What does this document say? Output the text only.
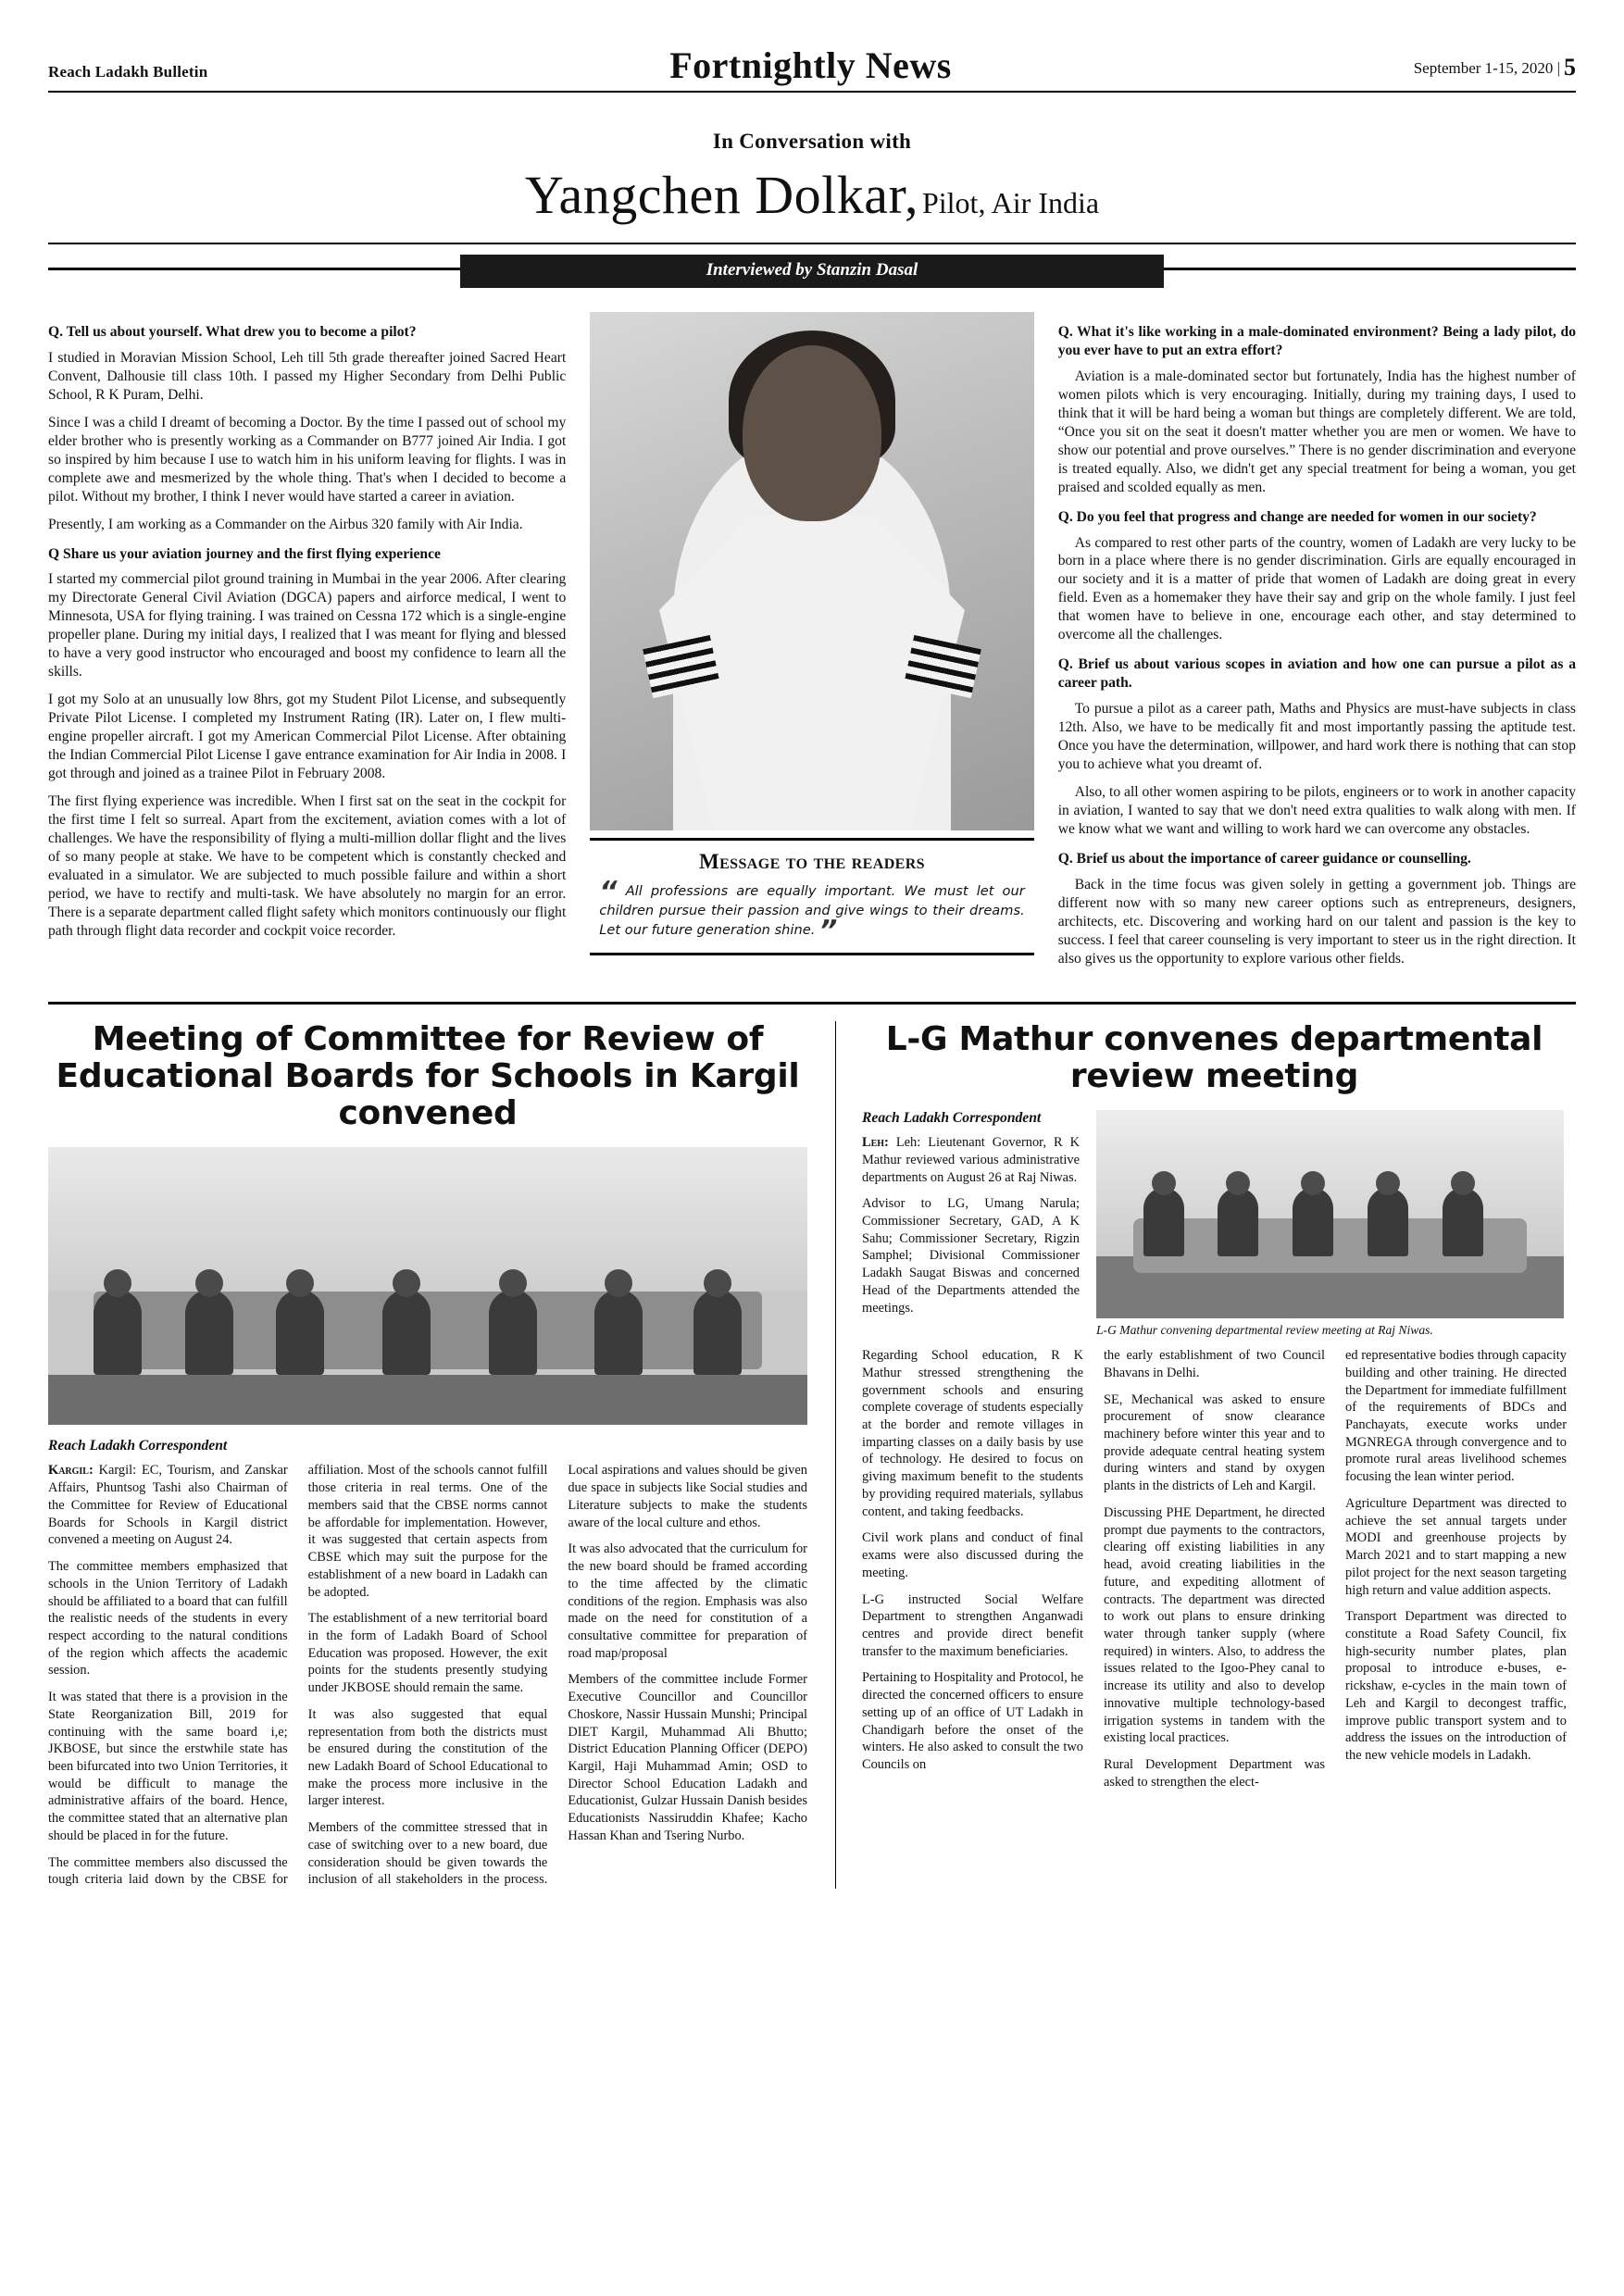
Reach Ladakh Bulletin	Fortnightly News	September 1-15, 2020 | 5
In Conversation with
Yangchen Dolkar, Pilot, Air India
Interviewed by Stanzin Dasal

Q. Tell us about yourself. What drew you to become a pilot?

I studied in Moravian Mission School, Leh till 5th grade thereafter joined Sacred Heart Convent, Dalhousie till class 10th. I passed my Higher Secondary from Delhi Public School, R K Puram, Delhi.

Since I was a child I dreamt of becoming a Doctor. By the time I passed out of school my elder brother who is presently working as a Commander on B777 joined Air India. I got so inspired by him because I use to watch him in his uniform leaving for flights. I was in complete awe and mesmerized by the whole thing. That's when I decided to become a pilot. Without my brother, I think I never would have started a career in aviation.

Presently, I am working as a Commander on the Airbus 320 family with Air India.

Q Share us your aviation journey and the first flying experience

I started my commercial pilot ground training in Mumbai in the year 2006. After clearing my Directorate General Civil Aviation (DGCA) papers and airforce medical, I went to Minnesota, USA for flying training. I was trained on Cessna 172 which is a single-engine propeller plane. During my initial days, I realized that I was meant for flying and blessed to have a very good instructor who encouraged and boost my confidence to learn all the skills.

I got my Solo at an unusually low 8hrs, got my Student Pilot License, and subsequently Private Pilot License. I completed my Instrument Rating (IR). Later on, I flew multi-engine propeller aircraft. I got my American Commercial Pilot License. After obtaining the Indian Commercial Pilot License I gave entrance examination for Air India in 2008. I got through and joined as a trainee Pilot in February 2008.

The first flying experience was incredible. When I first sat on the seat in the cockpit for the first time I felt so surreal. Apart from the excitement, aviation comes with a lot of challenges. We have the responsibility of flying a multi-million dollar flight and the lives of so many people at stake. We have to be competent which is constantly checked and evaluated in a simulator. We are subjected to much possible failure and within a short period, we have to rectify and multi-task. We have absolutely no margin for an error. There is a separate department called flight safety which monitors continuously our flight path through flight data recorder and cockpit voice recorder.

Message to the readers
“ All professions are equally important. We must let our children pursue their passion and give wings to their dreams. Let our future generation shine. ”

Q. What it's like working in a male-dominated environment? Being a lady pilot, do you ever have to put an extra effort?

Aviation is a male-dominated sector but fortunately, India has the highest number of women pilots which is very encouraging. Initially, during my training days, I used to think that it will be hard being a woman but things are completely different. We are told, “Once you sit on the seat it doesn't matter whether you are men or women. We have to show our potential and prove ourselves.” There is no gender discrimination and everyone is treated equally. Also, we didn't get any special treatment for being a woman, you get praised and scolded equally as men.

Q. Do you feel that progress and change are needed for women in our society?

As compared to rest other parts of the country, women of Ladakh are very lucky to be born in a place where there is no gender discrimination. Girls are equally encouraged in our society and it is a matter of pride that women of Ladakh are doing great in every field. Even as a homemaker they have their say and grip on the whole family. I just feel that women have to believe in one, encourage each other, and stay determined to overcome all the challenges.

Q. Brief us about various scopes in aviation and how one can pursue a pilot as a career path.

To pursue a pilot as a career path, Maths and Physics are must-have subjects in class 12th. Also, we have to be medically fit and most importantly passing the aptitude test. Once you have the determination, willpower, and hard work there is nothing that can stop you to achieve what you dreamt of.

Also, to all other women aspiring to be pilots, engineers or to work in another capacity in aviation, I wanted to say that we don't need extra qualities to walk along with men. If we know what we want and willing to work hard we can overcome any obstacles.

Q. Brief us about the importance of career guidance or counselling.

Back in the time focus was given solely in getting a government job. Things are different now with so many new career options such as entrepreneurs, designers, architects, etc. Discovering and working hard on our talent and passion is the key to success. I feel that career counseling is very important to steer us in the right direction. It also gives us the opportunity to explore various other fields.

Meeting of Committee for Review of Educational Boards for Schools in Kargil convened
Reach Ladakh Correspondent

Kargil: Kargil: EC, Tourism, and Zanskar Affairs, Phuntsog Tashi also Chairman of the Committee for Review of Educational Boards for Schools in Kargil district convened a meeting on August 24.

The committee members emphasized that schools in the Union Territory of Ladakh should be affiliated to a board that can fulfill the realistic needs of the students in every respect according to the natural conditions of the region which affects the academic session.

It was stated that there is a provision in the State Reorganization Bill, 2019 for continuing with the same board i,e; JKBOSE, but since the erstwhile state has been bifurcated into two Union Territories, it would be difficult to manage the administrative affairs of the board. Hence, the committee stated that an alternative plan should be placed in for the future.

The committee members also discussed the tough criteria laid down by the CBSE for affiliation. Most of the schools cannot fulfill those criteria in real terms. One of the members said that the CBSE norms cannot be affordable for implementation. However, it was suggested that certain aspects from CBSE which may suit the purpose for the establishment of a new board in Ladakh can be adopted.

The establishment of a new territorial board in the form of Ladakh Board of School Education was proposed. However, the exit points for the students presently studying under JKBOSE should remain the same.

It was also suggested that equal representation from both the districts must be ensured during the constitution of the new Ladakh Board of School Educational to make the process more inclusive in the larger interest.

Members of the committee stressed that in case of switching over to a new board, due consideration should be given towards the inclusion of all stakeholders in the process. Local aspirations and values should be given due space in subjects like Social studies and Literature subjects to make the students aware of the local culture and ethos.

It was also advocated that the curriculum for the new board should be framed according to the time affected by the climatic conditions of the region. Emphasis was also made on the need for constitution of a consultative committee for preparation of road map/proposal

Members of the committee include Former Executive Councillor and Councillor Choskore, Nassir Hussain Munshi; Principal DIET Kargil, Muhammad Ali Bhutto; District Education Planning Officer (DEPO) Kargil, Haji Muhammad Amin; OSD to Director School Education Ladakh and Educationist, Gulzar Hussain Danish besides Educationists Nassiruddin Khafee; Kacho Hassan Khan and Tsering Nurbo.

L-G Mathur convenes departmental review meeting
Reach Ladakh Correspondent

Leh: Leh: Lieutenant Governor, R K Mathur reviewed various administrative departments on August 26 at Raj Niwas.

Advisor to LG, Umang Narula; Commissioner Secretary, GAD, A K Sahu; Commissioner Secretary, Rigzin Samphel; Divisional Commissioner Ladakh Saugat Biswas and concerned Head of the Departments attended the meetings.

L-G Mathur convening departmental review meeting at Raj Niwas.

Regarding School education, R K Mathur stressed strengthening the government schools and ensuring complete coverage of students especially at the border and remote villages in imparting classes on a daily basis by use of technology. He desired to focus on giving maximum benefit to the students by providing required materials, syllabus content, and taking feedbacks.

Civil work plans and conduct of final exams were also discussed during the meeting.

L-G instructed Social Welfare Department to strengthen Anganwadi centres and provide direct benefit transfer to the maximum beneficiaries.

Pertaining to Hospitality and Protocol, he directed the concerned officers to ensure setting up of an office of UT Ladakh in Chandigarh before the onset of the winters. He also asked to consult the two Councils on

the early establishment of two Council Bhavans in Delhi.

SE, Mechanical was asked to ensure procurement of snow clearance machinery before winter this year and to provide adequate central heating system during winters and stand by oxygen plants in the districts of Leh and Kargil.

Discussing PHE Department, he directed prompt due payments to the contractors, clearing off existing liabilities in any head, avoid creating liabilities in the future, and expediting allotment of contracts. The department was directed to work out plans to ensure drinking water through tanker supply (where required) in winters. Also, to address the issues related to the Igoo-Phey canal to increase its utility and also to develop innovative multiple technology-based irrigation systems in tandem with the existing local practices.

Rural Development Department was asked to strengthen the elect-

ed representative bodies through capacity building and other training. He directed the Department for immediate fulfillment of the requirements of BDCs and Panchayats, execute works under MGNREGA through convergence and to promote rural areas livelihood schemes focusing the lean winter period.

Agriculture Department was directed to achieve the set annual targets under MODI and greenhouse projects by March 2021 and to start mapping a new pilot project for the next season targeting high return and value addition aspects.

Transport Department was directed to constitute a Road Safety Council, fix high-security number plates, plan proposal to introduce e-buses, e-rickshaw, e-cycles in the main town of Leh and Kargil to decongest traffic, improve public transport system and to address the issues on the introduction of the new vehicle models in Ladakh.
